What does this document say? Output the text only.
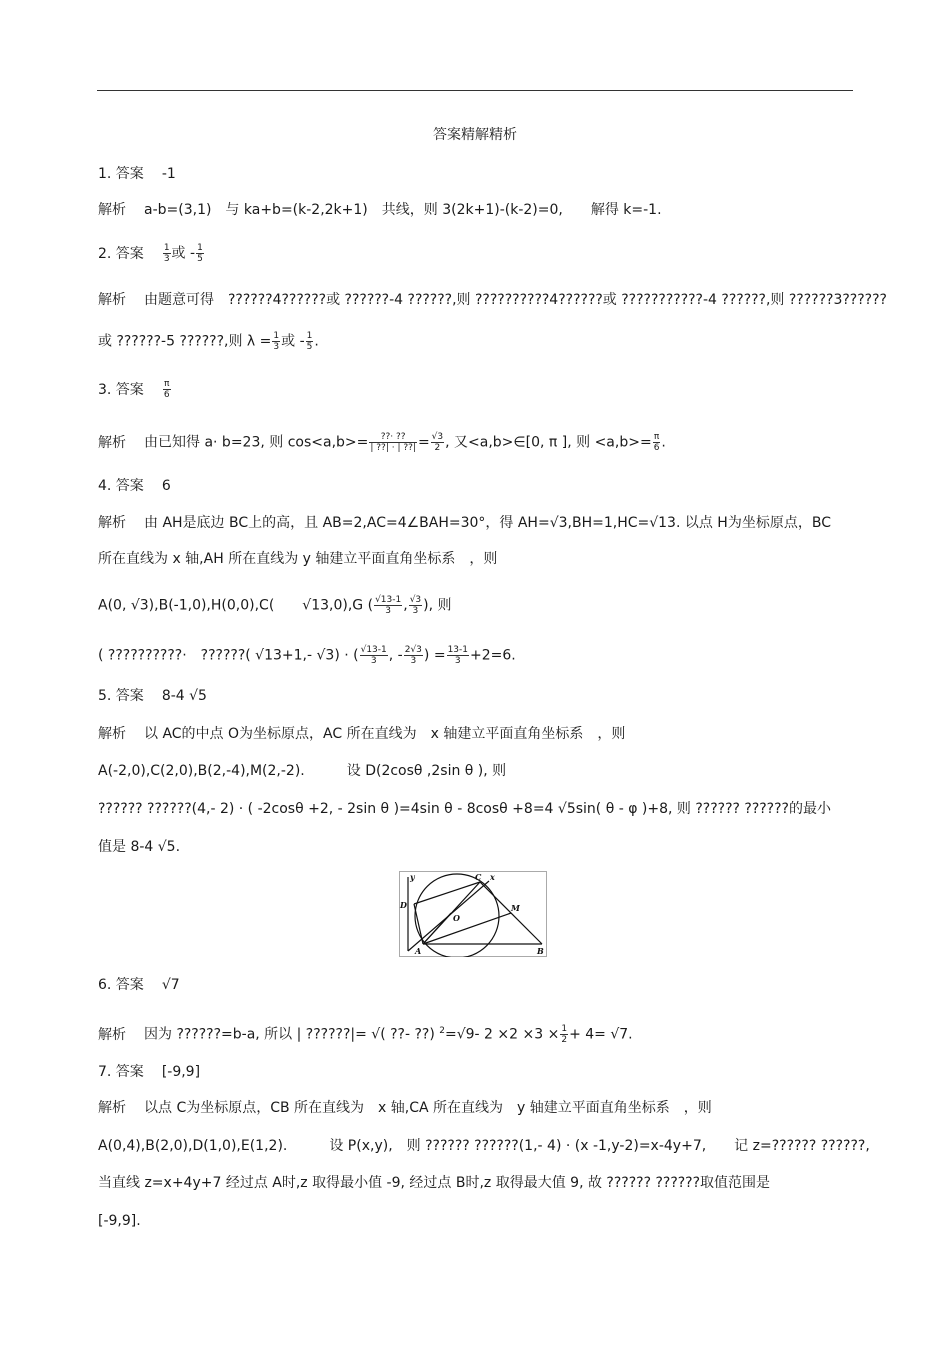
答案精解精析
1. 答案 -1
解析 a-b=(3,1)　与 ka+b=(k-2,2k+1)　共线，则 3(2k+1)-(k-2)=0,　　解得 k=-1.
2. 答案 $\frac{1}{3}$ 或 - $\frac{1}{5}$
解析 由题意可得　??????4??????或 ??????-4 ??????,则 ??????????4??????或 ???????????-4 ??????,则 ??????3??????
或 ??????-5 ??????,则 $\lambda = \frac{1}{3}$ 或 - $\frac{1}{5}$ .
3. 答案 $\frac{\pi}{6}$
解析 由已知得 a· b=23, 则 $\cos<a,b>= \frac{??\cdot ??}{| ??| \cdot | ??|} = \frac{√3}{2}$ , 又<a,b>∈[0, π ], 则 $<a,b>= \frac{\pi}{6}$ .
4. 答案 6
解析 由 AH是底边 BC上的高，且 AB=2,AC=4∠BAH=30°，得 AH=√3,BH=1,HC=√13. 以点 H为坐标原点，BC
所在直线为 x 轴,AH 所在直线为 y 轴建立平面直角坐标系　，则
A(0, √3),B(-1,0),H(0,0),C(　　√13,0),G ( $\frac{√13-1}{3}$ , $\frac{√3}{3}$ ), 则
( ??????????·　??????( √13+1,- √3) · ( $\frac{√13-1}{3}$ , - $\frac{2√3}{3}$ ) = $\frac{13-1}{3} +2=6$.
5. 答案 8-4 √5
解析 以 AC的中点 O为坐标原点，AC 所在直线为　x 轴建立平面直角坐标系　，则
A(-2,0),C(2,0),B(2,-4),M(2,-2).　　　设 D(2cosθ ,2sin θ ), 则
?????? ??????(4,- 2) · ( -2cosθ +2, - 2sin θ )=4sin θ - 8cosθ +8=4 √5sin( θ - φ )+8, 则 ?????? ??????的最小
值是 8-4 √5.
y	C x
D
O
M
A	B
6. 答案 √7
解析 因为 ??????=b-a, 所以 | ??????|= √( ??- ??) $^2$=√9- $2 \times 2 \times 3 \times \frac{1}{2} + 4= √7$.
7. 答案 [-9,9]
解析 以点 C为坐标原点，CB 所在直线为　x 轴,CA 所在直线为　y 轴建立平面直角坐标系　，则
A(0,4),B(2,0),D(1,0),E(1,2).　　　设 P(x,y),　则 ?????? ??????(1,- 4) · (x -1,y-2)=x-4y+7,　　记 z=?????? ??????,
当直线 z=x+4y+7 经过点 A时,z 取得最小值 -9, 经过点 B时,z 取得最大值 9, 故 ?????? ??????取值范围是
[-9,9].
